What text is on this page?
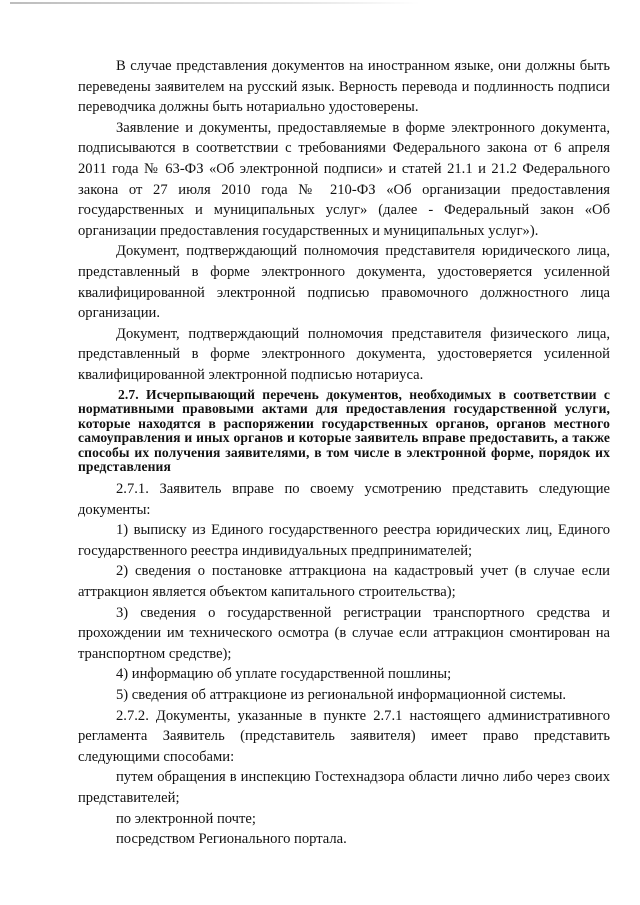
В случае представления документов на иностранном языке, они должны быть переведены заявителем на русский язык. Верность перевода и подлинность подписи переводчика должны быть нотариально удостоверены.

Заявление и документы, предоставляемые в форме электронного документа, подписываются в соответствии с требованиями Федерального закона от 6 апреля 2011 года № 63-ФЗ «Об электронной подписи» и статей 21.1 и 21.2 Федерального закона от 27 июля 2010 года № 210-ФЗ «Об организации предоставления государственных и муниципальных услуг» (далее - Федеральный закон «Об организации предоставления государственных и муниципальных услуг»).

Документ, подтверждающий полномочия представителя юридического лица, представленный в форме электронного документа, удостоверяется усиленной квалифицированной электронной подписью правомочного должностного лица организации.

Документ, подтверждающий полномочия представителя физического лица, представленный в форме электронного документа, удостоверяется усиленной квалифицированной электронной подписью нотариуса.

2.7. Исчерпывающий перечень документов, необходимых в соответствии с нормативными правовыми актами для предоставления государственной услуги, которые находятся в распоряжении государственных органов, органов местного самоуправления и иных органов и которые заявитель вправе предоставить, а также способы их получения заявителями, в том числе в электронной форме, порядок их представления

2.7.1. Заявитель вправе по своему усмотрению представить следующие документы:

1) выписку из Единого государственного реестра юридических лиц, Единого государственного реестра индивидуальных предпринимателей;

2) сведения о постановке аттракциона на кадастровый учет (в случае если аттракцион является объектом капитального строительства);

3) сведения о государственной регистрации транспортного средства и прохождении им технического осмотра (в случае если аттракцион смонтирован на транспортном средстве);

4) информацию об уплате государственной пошлины;

5) сведения об аттракционе из региональной информационной системы.

2.7.2. Документы, указанные в пункте 2.7.1 настоящего административного регламента Заявитель (представитель заявителя) имеет право представить следующими способами:

путем обращения в инспекцию Гостехнадзора области лично либо через своих представителей;

по электронной почте;

посредством Регионального портала.
